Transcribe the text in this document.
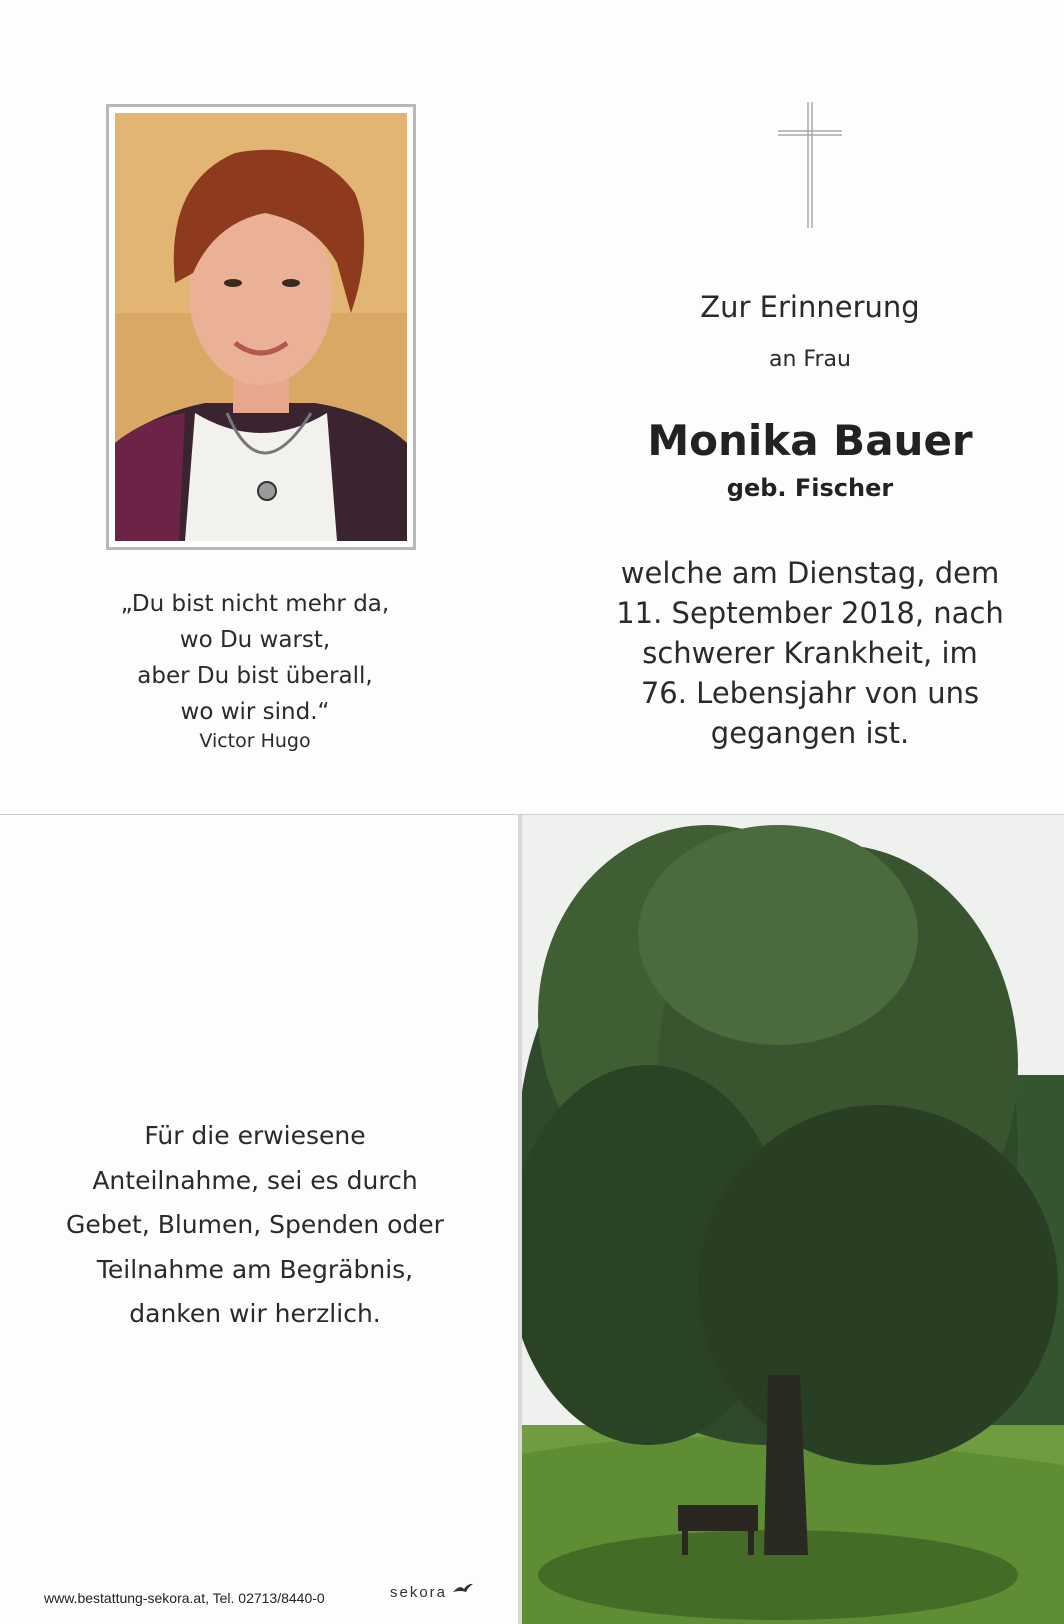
„Du bist nicht mehr da,
wo Du warst,
aber Du bist überall,
wo wir sind.“
Victor Hugo
Zur Erinnerung
an Frau
Monika Bauer
geb. Fischer
welche am Dienstag, dem
11. September 2018, nach
schwerer Krankheit, im
76. Lebensjahr von uns
gegangen ist.
Für die erwiesene
Anteilnahme, sei es durch
Gebet, Blumen, Spenden oder
Teilnahme am Begräbnis,
danken wir herzlich.
www.bestattung-sekora.at, Tel. 02713/8440-0	sekora
